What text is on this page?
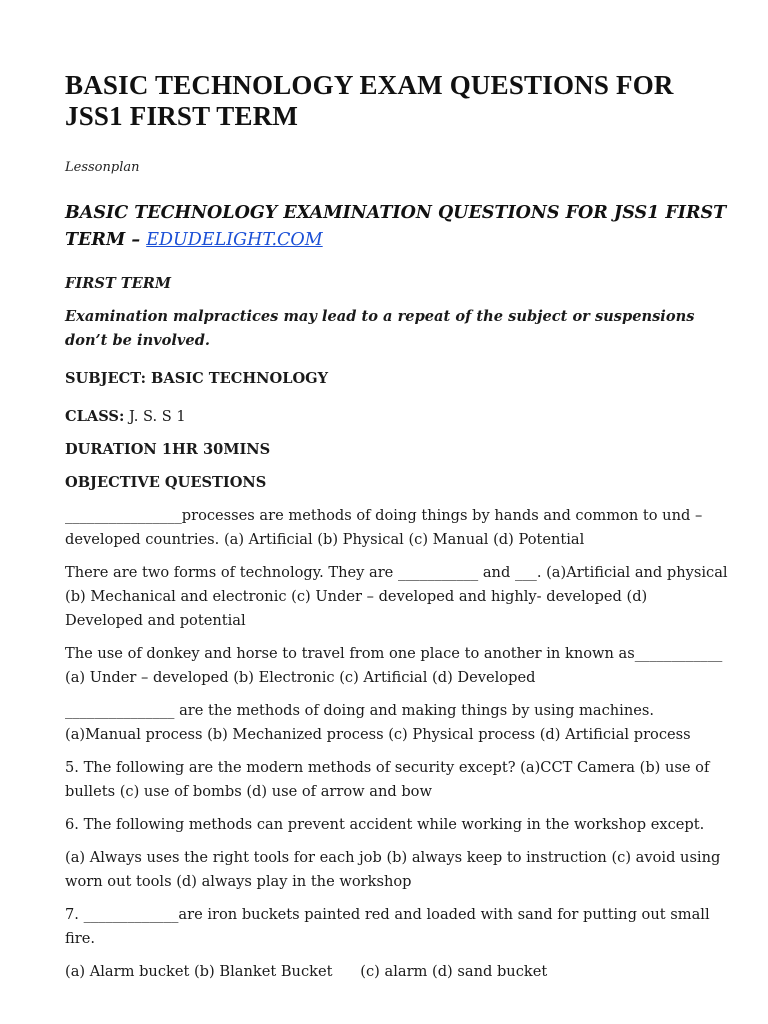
BASIC TECHNOLOGY EXAM QUESTIONS FOR JSS1 FIRST TERM
Lessonplan
BASIC TECHNOLOGY EXAMINATION QUESTIONS FOR JSS1 FIRST TERM – EDUDELIGHT.COM

FIRST TERM

Examination malpractices may lead to a repeat of the subject or suspensions don’t be involved.

SUBJECT: BASIC TECHNOLOGY

CLASS: J. S. S 1

DURATION 1HR 30MINS

OBJECTIVE QUESTIONS

________________processes are methods of doing things by hands and common to und – developed countries. (a) Artificial (b) Physical (c) Manual (d) Potential

There are two forms of technology. They are ___________ and ___. (a)Artificial and physical (b) Mechanical and electronic (c) Under – developed and highly- developed (d) Developed and potential

The use of donkey and horse to travel from one place to another in known as____________ (a) Under – developed (b) Electronic (c) Artificial (d) Developed

_______________ are the methods of doing and making things by using machines. (a)Manual process (b) Mechanized process (c) Physical process (d) Artificial process

5. The following are the modern methods of security except? (a)CCT Camera (b) use of bullets (c) use of bombs (d) use of arrow and bow

6. The following methods can prevent accident while working in the workshop except.

(a) Always uses the right tools for each job (b) always keep to instruction (c) avoid using worn out tools (d) always play in the workshop

7. _____________are iron buckets painted red and loaded with sand for putting out small fire.

(a) Alarm bucket (b) Blanket Bucket      (c) alarm (d) sand bucket
